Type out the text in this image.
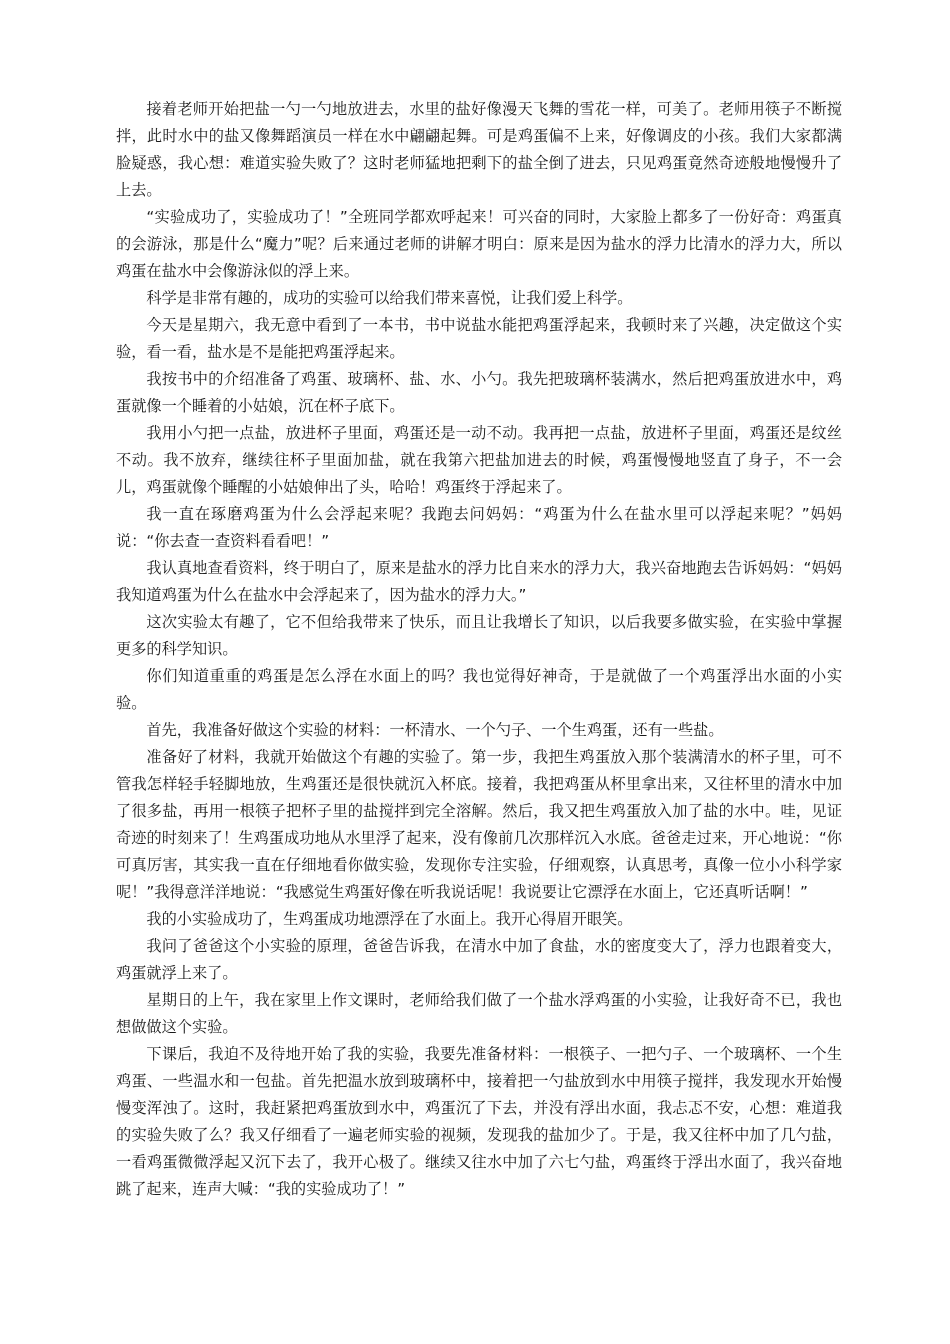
接着老师开始把盐一勺一勺地放进去，水里的盐好像漫天飞舞的雪花一样，可美了。老师用筷子不断搅拌，此时水中的盐又像舞蹈演员一样在水中翩翩起舞。可是鸡蛋偏不上来，好像调皮的小孩。我们大家都满脸疑惑，我心想：难道实验失败了？这时老师猛地把剩下的盐全倒了进去，只见鸡蛋竟然奇迹般地慢慢升了上去。

“实验成功了，实验成功了！”全班同学都欢呼起来！可兴奋的同时，大家脸上都多了一份好奇：鸡蛋真的会游泳，那是什么“魔力”呢？后来通过老师的讲解才明白：原来是因为盐水的浮力比清水的浮力大，所以鸡蛋在盐水中会像游泳似的浮上来。

科学是非常有趣的，成功的实验可以给我们带来喜悦，让我们爱上科学。

今天是星期六，我无意中看到了一本书，书中说盐水能把鸡蛋浮起来，我顿时来了兴趣，决定做这个实验，看一看，盐水是不是能把鸡蛋浮起来。

我按书中的介绍准备了鸡蛋、玻璃杯、盐、水、小勺。我先把玻璃杯装满水，然后把鸡蛋放进水中，鸡蛋就像一个睡着的小姑娘，沉在杯子底下。

我用小勺把一点盐，放进杯子里面，鸡蛋还是一动不动。我再把一点盐，放进杯子里面，鸡蛋还是纹丝不动。我不放弃，继续往杯子里面加盐，就在我第六把盐加进去的时候，鸡蛋慢慢地竖直了身子，不一会儿，鸡蛋就像个睡醒的小姑娘伸出了头，哈哈！鸡蛋终于浮起来了。

我一直在琢磨鸡蛋为什么会浮起来呢？我跑去问妈妈：“鸡蛋为什么在盐水里可以浮起来呢？”妈妈说：“你去查一查资料看看吧！”

我认真地查看资料，终于明白了，原来是盐水的浮力比自来水的浮力大，我兴奋地跑去告诉妈妈：“妈妈我知道鸡蛋为什么在盐水中会浮起来了，因为盐水的浮力大。”

这次实验太有趣了，它不但给我带来了快乐，而且让我增长了知识，以后我要多做实验，在实验中掌握更多的科学知识。

你们知道重重的鸡蛋是怎么浮在水面上的吗？我也觉得好神奇，于是就做了一个鸡蛋浮出水面的小实验。

首先，我准备好做这个实验的材料：一杯清水、一个勺子、一个生鸡蛋，还有一些盐。

准备好了材料，我就开始做这个有趣的实验了。第一步，我把生鸡蛋放入那个装满清水的杯子里，可不管我怎样轻手轻脚地放，生鸡蛋还是很快就沉入杯底。接着，我把鸡蛋从杯里拿出来，又往杯里的清水中加了很多盐，再用一根筷子把杯子里的盐搅拌到完全溶解。然后，我又把生鸡蛋放入加了盐的水中。哇，见证奇迹的时刻来了！生鸡蛋成功地从水里浮了起来，没有像前几次那样沉入水底。爸爸走过来，开心地说：“你可真厉害，其实我一直在仔细地看你做实验，发现你专注实验，仔细观察，认真思考，真像一位小小科学家呢！”我得意洋洋地说：“我感觉生鸡蛋好像在听我说话呢！我说要让它漂浮在水面上，它还真听话啊！”

我的小实验成功了，生鸡蛋成功地漂浮在了水面上。我开心得眉开眼笑。

我问了爸爸这个小实验的原理，爸爸告诉我，在清水中加了食盐，水的密度变大了，浮力也跟着变大，鸡蛋就浮上来了。

星期日的上午，我在家里上作文课时，老师给我们做了一个盐水浮鸡蛋的小实验，让我好奇不已，我也想做做这个实验。

下课后，我迫不及待地开始了我的实验，我要先准备材料：一根筷子、一把勺子、一个玻璃杯、一个生鸡蛋、一些温水和一包盐。首先把温水放到玻璃杯中，接着把一勺盐放到水中用筷子搅拌，我发现水开始慢慢变浑浊了。这时，我赶紧把鸡蛋放到水中，鸡蛋沉了下去，并没有浮出水面，我忐忑不安，心想：难道我的实验失败了么？我又仔细看了一遍老师实验的视频，发现我的盐加少了。于是，我又往杯中加了几勺盐，一看鸡蛋微微浮起又沉下去了，我开心极了。继续又往水中加了六七勺盐，鸡蛋终于浮出水面了，我兴奋地跳了起来，连声大喊：“我的实验成功了！”
